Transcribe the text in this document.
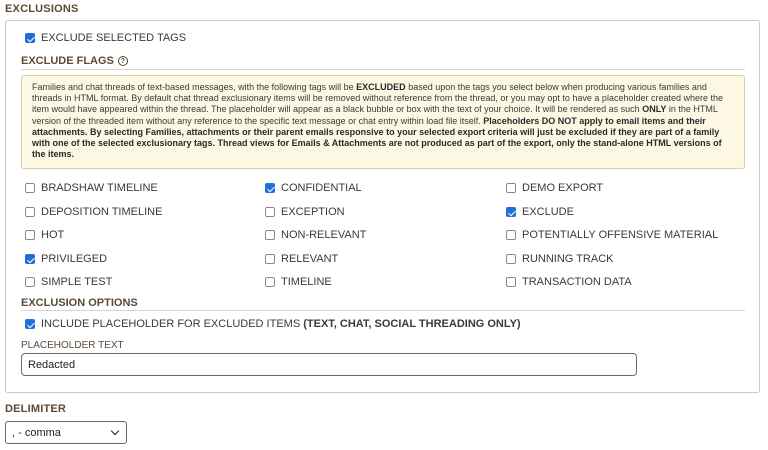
EXCLUSIONS
EXCLUDE SELECTED TAGS
EXCLUDE FLAGS ?
Families and chat threads of text-based messages, with the following tags will be EXCLUDED based upon the tags you select below when producing various families and threads in HTML format. By default chat thread exclusionary items will be removed without reference from the thread, or you may opt to have a placeholder created where the item would have appeared within the thread. The placeholder will appear as a black bubble or box with the text of your choice. It will be rendered as such ONLY in the HTML version of the threaded item without any reference to the specific text message or chat entry within load file itself. Placeholders DO NOT apply to email items and their attachments. By selecting Families, attachments or their parent emails responsive to your selected export criteria will just be excluded if they are part of a family with one of the selected exclusionary tags. Thread views for Emails & Attachments are not produced as part of the export, only the stand-alone HTML versions of the items.
BRADSHAW TIMELINE	CONFIDENTIAL	DEMO EXPORT
DEPOSITION TIMELINE	EXCEPTION	EXCLUDE
HOT	NON-RELEVANT	POTENTIALLY OFFENSIVE MATERIAL
PRIVILEGED	RELEVANT	RUNNING TRACK
SIMPLE TEST	TIMELINE	TRANSACTION DATA
EXCLUSION OPTIONS
INCLUDE PLACEHOLDER FOR EXCLUDED ITEMS (TEXT, CHAT, SOCIAL THREADING ONLY)
PLACEHOLDER TEXT
Redacted
DELIMITER
, - comma
